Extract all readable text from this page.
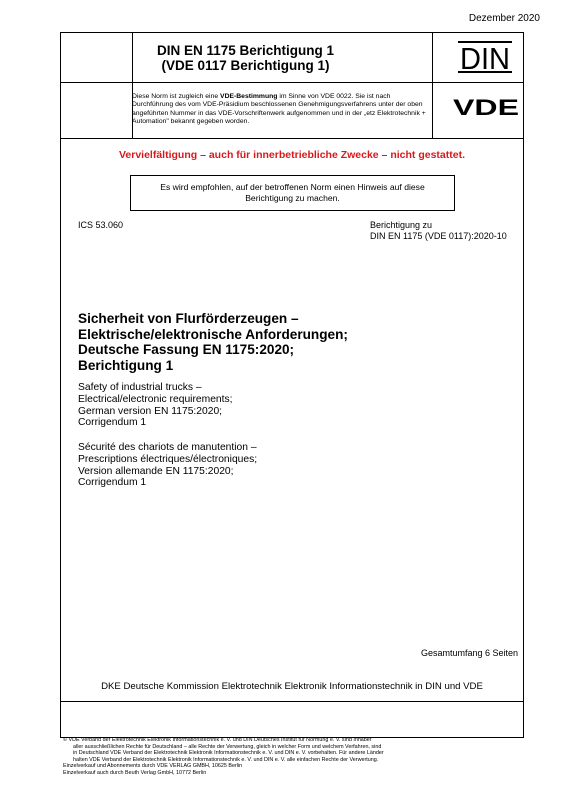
Dezember 2020
DIN EN 1175 Berichtigung 1
(VDE 0117 Berichtigung 1)	DIN
Diese Norm ist zugleich eine VDE-Bestimmung im Sinne von VDE 0022. Sie ist nach Durchführung des vom VDE-Präsidium beschlossenen Genehmigungsverfahrens unter der oben angeführten Nummer in das VDE-Vorschriftenwerk aufgenommen und in der „etz Elektrotechnik + Automation" bekannt gegeben worden.
VDE
Vervielfältigung – auch für innerbetriebliche Zwecke – nicht gestattet.
Es wird empfohlen, auf der betroffenen Norm einen Hinweis auf diese
Berichtigung zu machen.
ICS 53.060	Berichtigung zu
DIN EN 1175 (VDE 0117):2020-10
Sicherheit von Flurförderzeugen –
Elektrische/elektronische Anforderungen;
Deutsche Fassung EN 1175:2020;
Berichtigung 1
Safety of industrial trucks –
Electrical/electronic requirements;
German version EN 1175:2020;
Corrigendum 1
Sécurité des chariots de manutention –
Prescriptions électriques/électroniques;
Version allemande EN 1175:2020;
Corrigendum 1
Gesamtumfang 6 Seiten
DKE Deutsche Kommission Elektrotechnik Elektronik Informationstechnik in DIN und VDE
© VDE Verband der Elektrotechnik Elektronik Informationstechnik e. V. und DIN Deutsches Institut für Normung e. V. sind Inhaber
aller ausschließlichen Rechte für Deutschland – alle Rechte der Verwertung, gleich in welcher Form und welchem Verfahren, sind
in Deutschland VDE Verband der Elektrotechnik Elektronik Informationstechnik e. V. und DIN e. V. vorbehalten. Für andere Länder
halten VDE Verband der Elektrotechnik Elektronik Informationstechnik e. V. und DIN e. V. alle einfachen Rechte der Verwertung.
Einzelverkauf und Abonnements durch VDE VERLAG GMBH, 10625 Berlin
Einzelverkauf auch durch Beuth Verlag GmbH, 10772 Berlin
